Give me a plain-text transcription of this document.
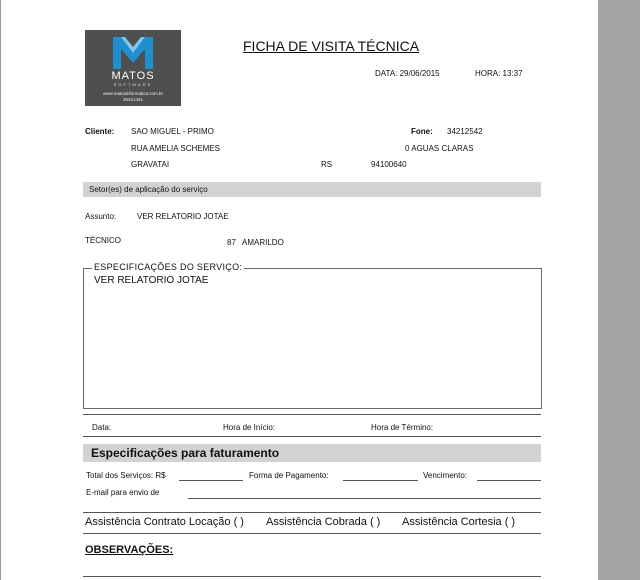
MATOS
SOFTWARE
www.matosinformatica.com.br
35421451
FICHA DE VISITA TÉCNICA
DATA: 29/06/2015	HORA: 13:37
Cliente: SAO MIGUEL - PRIMO	Fone: 34212542
RUA AMELIA SCHEMES	0 AGUAS CLARAS
GRAVATAI	RS	94100640
Setor(es) de aplicação do serviço
Assunto:	VER RELATORIO JOTAE
TÉCNICO	87 AMARILDO
ESPECIFICAÇÕES DO SERVIÇO:
VER RELATORIO JOTAE
Data:	Hora de Início:	Hora de Término:
Especificações para faturamento
Total dos Serviços: R$	Forma de Pagamento:	Vencimento:
E-mail para envio de
Assistência Contrato Locação ( ) Assistência Cobrada ( ) Assistência Cortesia ( )
OBSERVAÇÕES:
